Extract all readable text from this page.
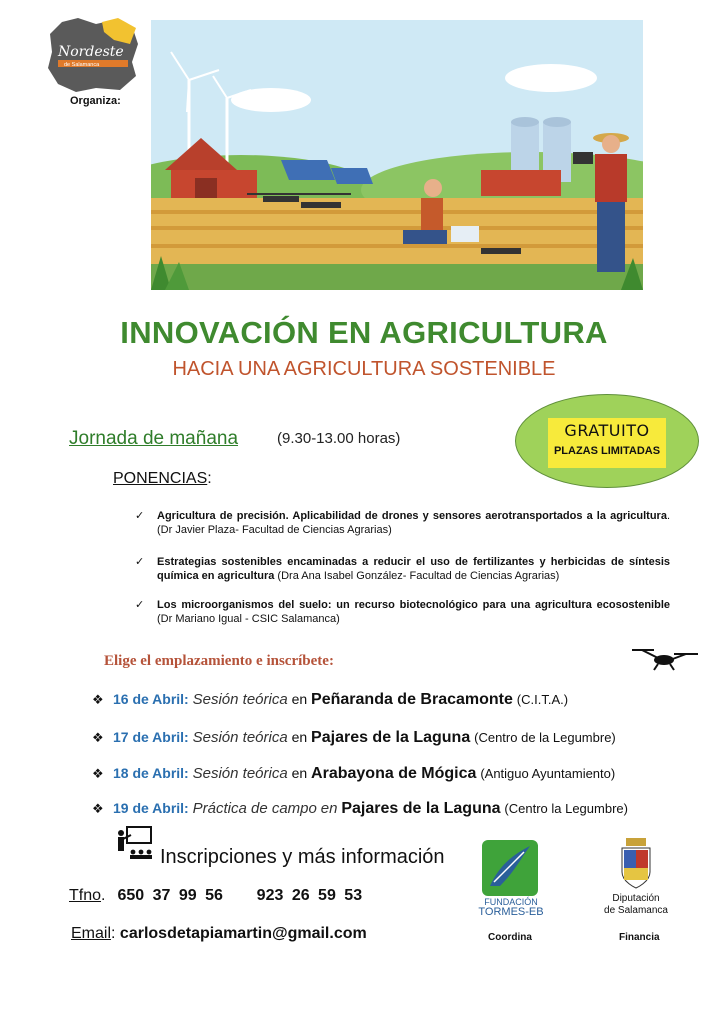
Nordeste
de Salamanca
Organiza:
INNOVACIÓN EN AGRICULTURA
HACIA UNA AGRICULTURA SOSTENIBLE
Jornada de mañana	(9.30-13.00 horas)	GRATUITO
PLAZAS LIMITADAS
PONENCIAS:
✓ Agricultura de precisión. Aplicabilidad de drones y sensores aerotransportados a la agricultura. (Dr Javier Plaza- Facultad de Ciencias Agrarias)
✓ Estrategias sostenibles encaminadas a reducir el uso de fertilizantes y herbicidas de síntesis química en agricultura (Dra Ana Isabel González- Facultad de Ciencias Agrarias)
✓ Los microorganismos del suelo: un recurso biotecnológico para una agricultura ecosostenible (Dr Mariano Igual - CSIC Salamanca)
Elige el emplazamiento e inscríbete:
❖ 16 de Abril: Sesión teórica en Peñaranda de Bracamonte (C.I.T.A.)
❖ 17 de Abril: Sesión teórica en Pajares de la Laguna (Centro de la Legumbre)
❖ 18 de Abril: Sesión teórica en Arabayona de Mógica (Antiguo Ayuntamiento)
❖ 19 de Abril: Práctica de campo en Pajares de la Laguna (Centro la Legumbre)
Inscripciones y más información
Tfno. 650 37 99 56    923 26 59 53
Email: carlosdetapiamartin@gmail.com
FUNDACIÓN
TORMES-EB
Coordina
Diputación
de Salamanca
Financia
